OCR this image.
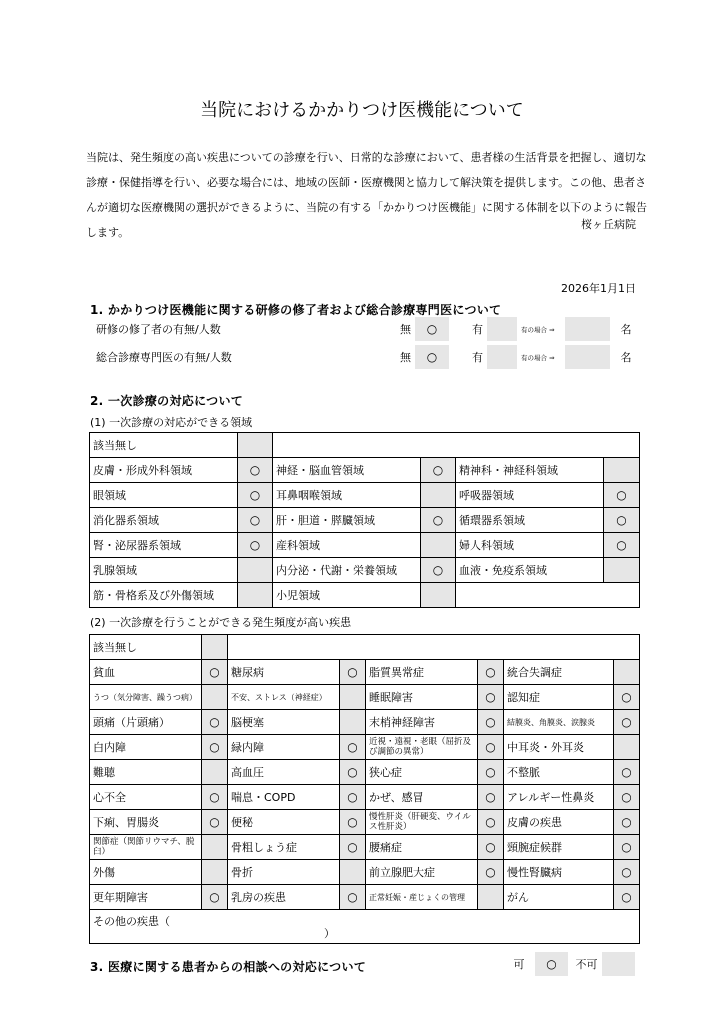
当院におけるかかりつけ医機能について
当院は、発生頻度の高い疾患についての診療を行い、日常的な診療において、患者様の生活背景を把握し、適切な診療・保健指導を行い、必要な場合には、地域の医師・医療機関と協力して解決策を提供します。この他、患者さんが適切な医療機関の選択ができるように、当院の有する「かかりつけ医機能」に関する体制を以下のように報告します。
桜ヶ丘病院
2026年1月1日
1. かかりつけ医機能に関する研修の修了者および総合診療専門医について
研修の修了者の有無/人数	無	○	有		有の場合 ⇒		名

総合診療専門医の有無/人数	無	○	有		有の場合 ⇒		名
2. 一次診療の対応について
(1) 一次診療の対応ができる領域
該当無し					
皮膚・形成外科領域	○	神経・脳血管領域	○	精神科・神経科領域	
眼領域	○	耳鼻咽喉領域		呼吸器領域	○
消化器系領域	○	肝・胆道・膵臓領域	○	循環器系領域	○
腎・泌尿器系領域	○	産科領域		婦人科領域	○
乳腺領域		内分泌・代謝・栄養領域	○	血液・免疫系領域	
筋・骨格系及び外傷領域		小児領域			
(2) 一次診療を行うことができる発生頻度が高い疾患
該当無し							
貧血	○	糖尿病	○	脂質異常症	○	統合失調症	
うつ（気分障害、躁うつ病）		不安、ストレス（神経症）		睡眠障害	○	認知症	○
頭痛（片頭痛）	○	脳梗塞		末梢神経障害	○	結膜炎、角膜炎、涙腺炎	○
白内障	○	緑内障	○	近視・遠視・老眼（屈折及び調節の異常）	○	中耳炎・外耳炎	
難聴		高血圧	○	狭心症	○	不整脈	○
心不全	○	喘息・COPD	○	かぜ、感冒	○	アレルギー性鼻炎	○
下痢、胃腸炎	○	便秘	○	慢性肝炎（肝硬変、ウイルス性肝炎）	○	皮膚の疾患	○
関節症（関節リウマチ、脱臼）		骨粗しょう症	○	腰痛症	○	頸腕症候群	○
外傷		骨折		前立腺肥大症	○	慢性腎臓病	○
更年期障害	○	乳房の疾患	○	正常妊娠・産じょくの管理		がん	○
その他の疾患（
）							
3. 医療に関する患者からの相談への対応について	可	○	不可	
